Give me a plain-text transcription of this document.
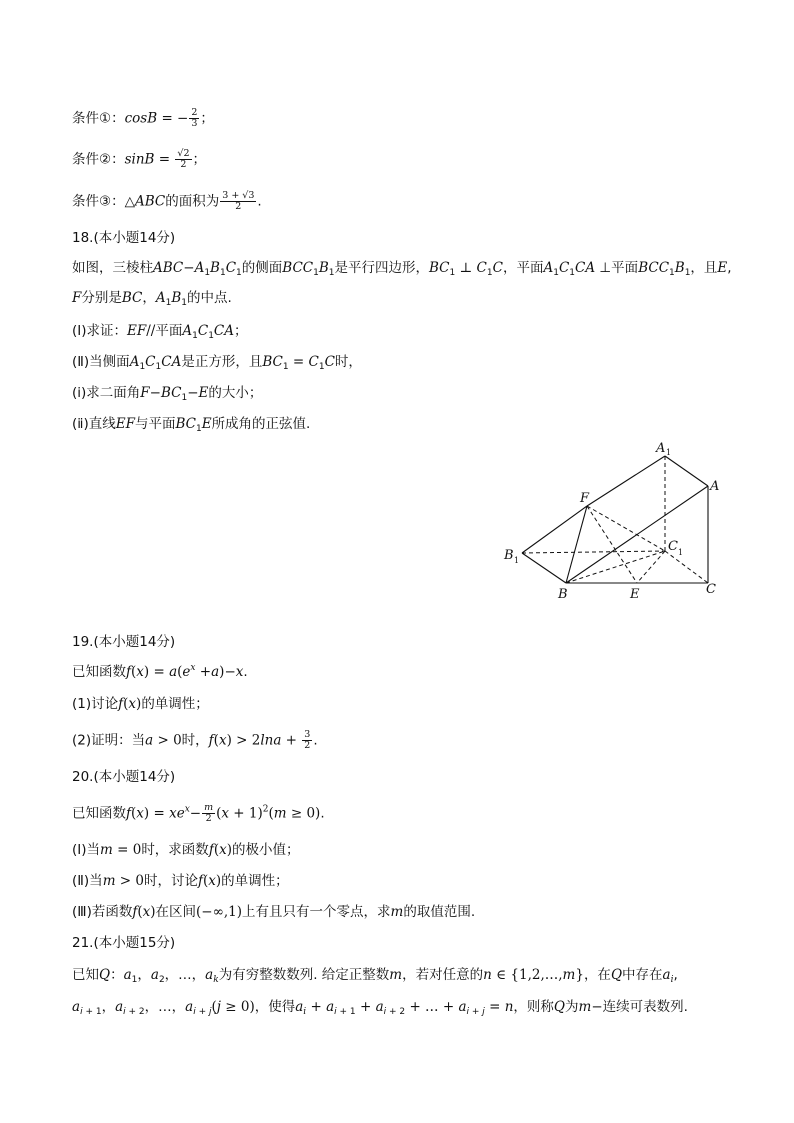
条件①：cosB = − $\frac{2}{3}$ ；
条件②：$\sin B = \frac{√2}{2}$ ；
条件③：△ABC的面积为 $\frac{3 + √3}{2}$ .
18.(本小题14分)
如图，三棱柱$ABC-A_1B_1C_1$的侧面$BCC_1B_1$是平行四边形，$BC_1$ ⊥ $C_1C$，平面$A_1C_1CA$ ⊥平面$BCC_1B_1$，且E,
F分别是BC，$A_1B_1$的中点.
(Ⅰ)求证：EF//平面$A_1C_1CA$；
(Ⅱ)当侧面$A_1C_1CA$是正方形，且$BC_1 = C_1C$时，
(ⅰ)求二面角$F-BC_1-E$的大小；
(ⅱ)直线EF与平面$BC_1E$所成角的正弦值.
A 1
A
F
B 1
C 1
B	E	C
19.(本小题14分)
已知函数$f(x) = a(e^x +a)-x$.
(1)讨论f(x)的单调性；
(2)证明：当a > 0时，$f(x) > 2\ln a + \frac{3}{2}$ .
20.(本小题14分)
已知函数$f(x) = xe^x- \frac{m}{2} (x + 1)^2(m \ge 0)$.
(Ⅰ)当m = 0时，求函数f(x)的极小值；
(Ⅱ)当m > 0时，讨论f(x)的单调性；
(Ⅲ)若函数f(x)在区间(−∞,1)上有且只有一个零点，求m的取值范围.
21.(本小题15分)
已知Q：$a_1$，$a_2$，…，$a_k$为有穷整数数列. 给定正整数m，若对任意的n ∈ {1,2,…,m}，在Q中存在$a_i$,
$a_{i + 1}$，$a_{i + 2}$，…，$a_{i + j}(j \ge 0)$，使得$a_i + a_{i + 1} + a_{i + 2}$ + … + $a_{i + j} = n$，则称Q为m−连续可表数列.
